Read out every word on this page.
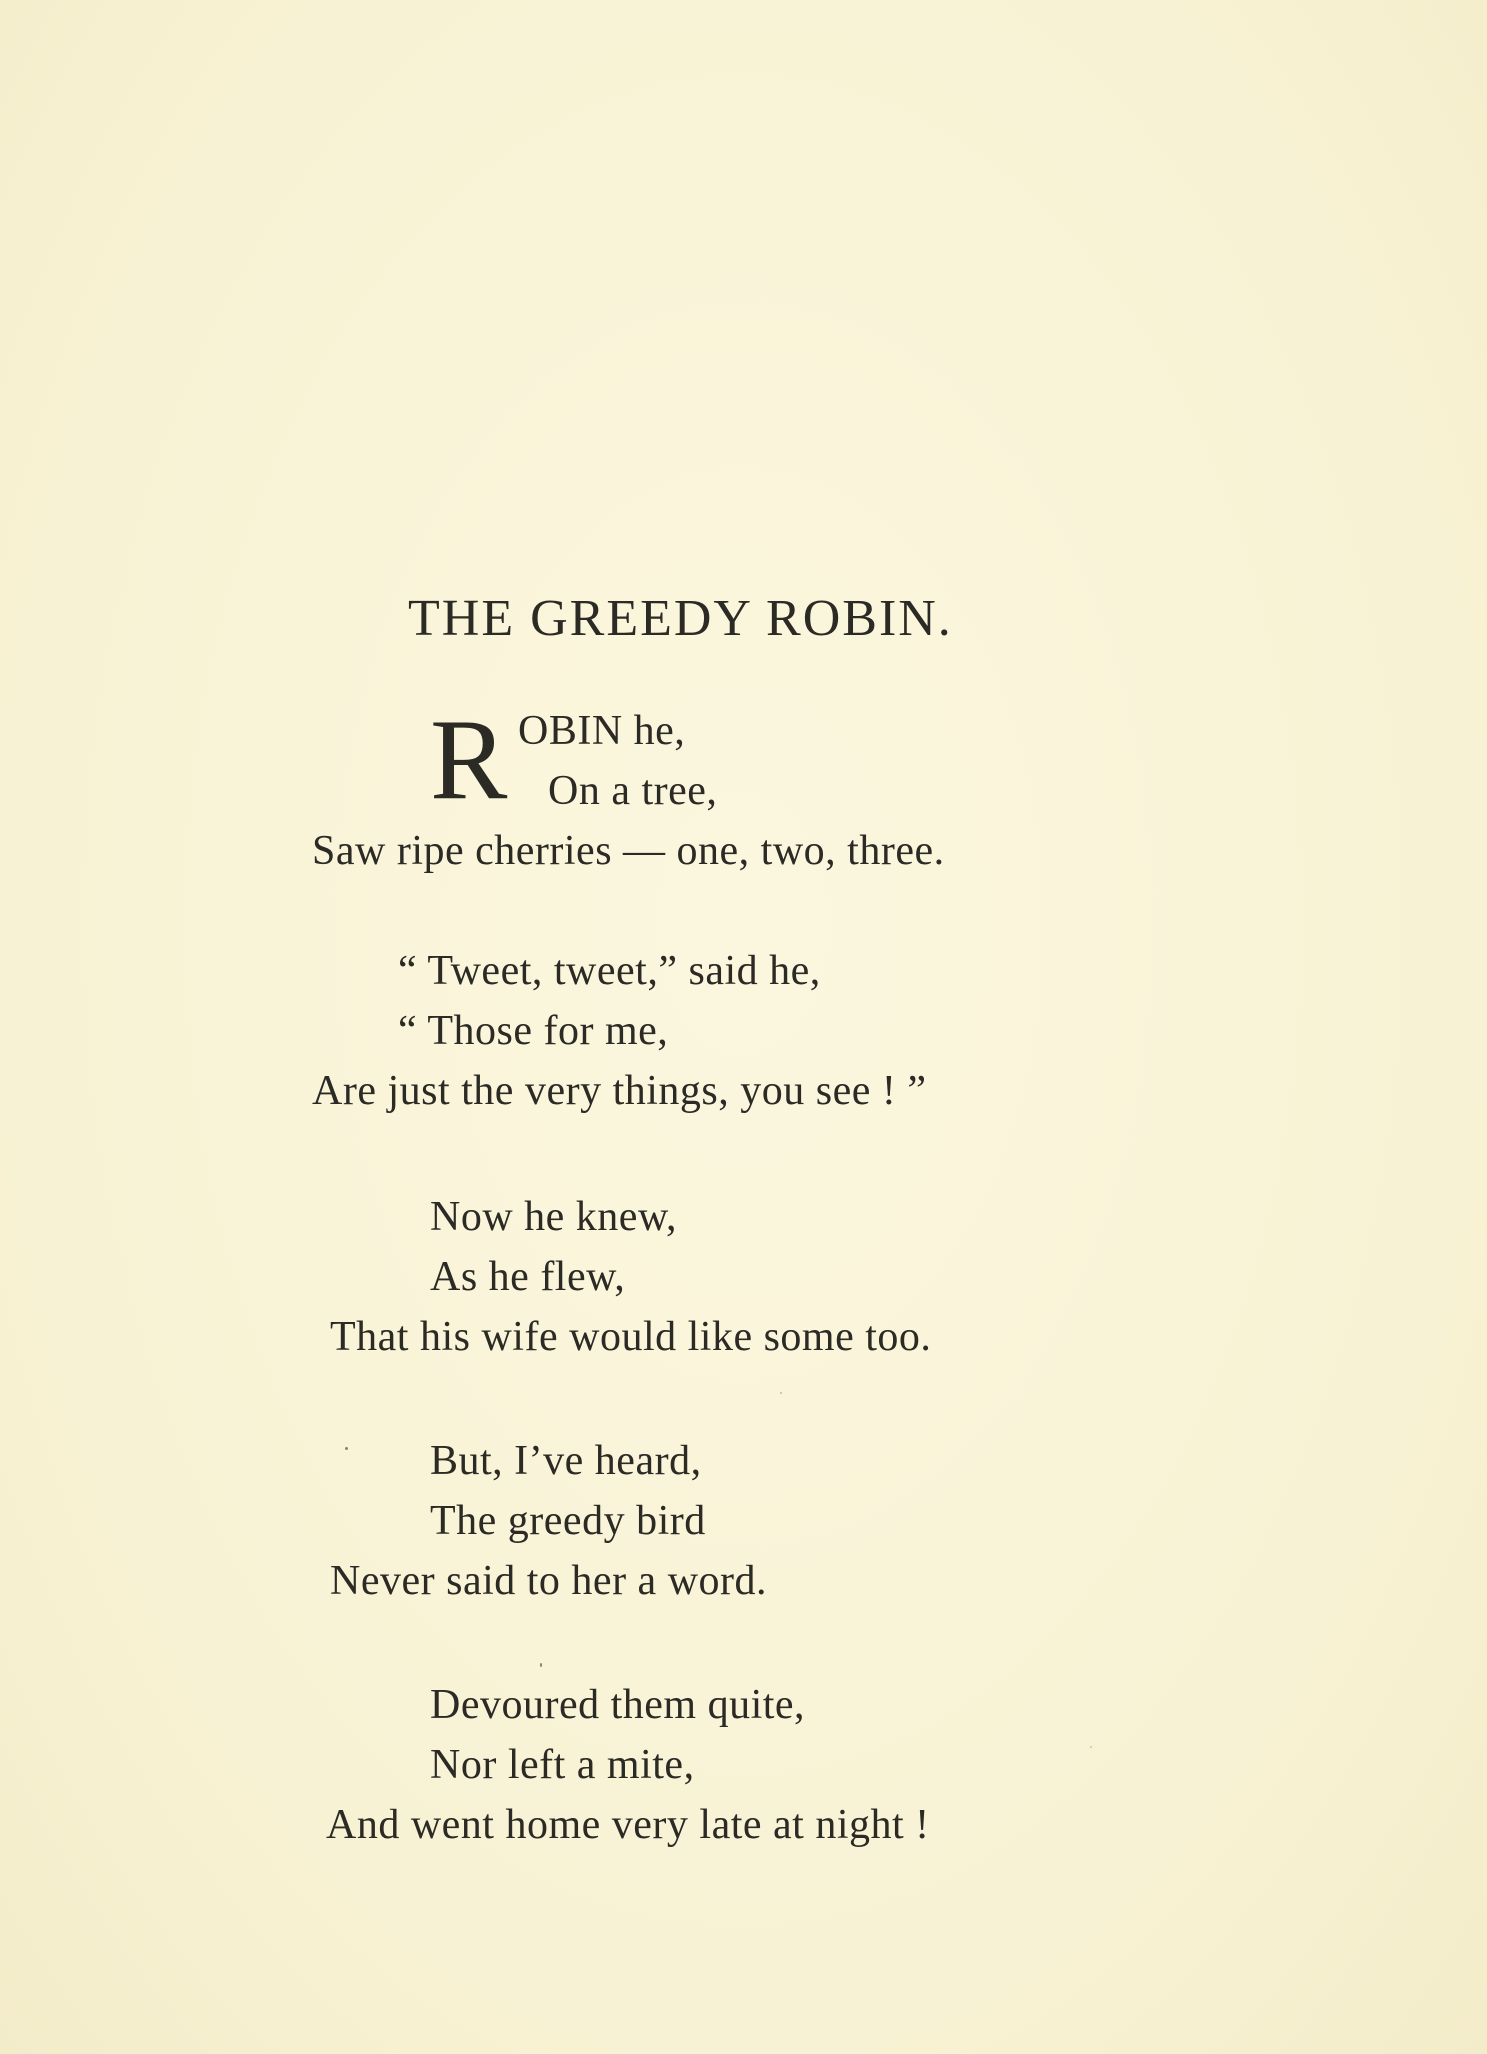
THE GREEDY ROBIN.
R OBIN he,
On a tree,
Saw ripe cherries — one, two, three.
“ Tweet, tweet,” said he,
“ Those for me,
Are just the very things, you see ! ”
Now he knew,
As he flew,
That his wife would like some too.
But, I’ve heard,
The greedy bird
Never said to her a word.
Devoured them quite,
Nor left a mite,
And went home very late at night !
